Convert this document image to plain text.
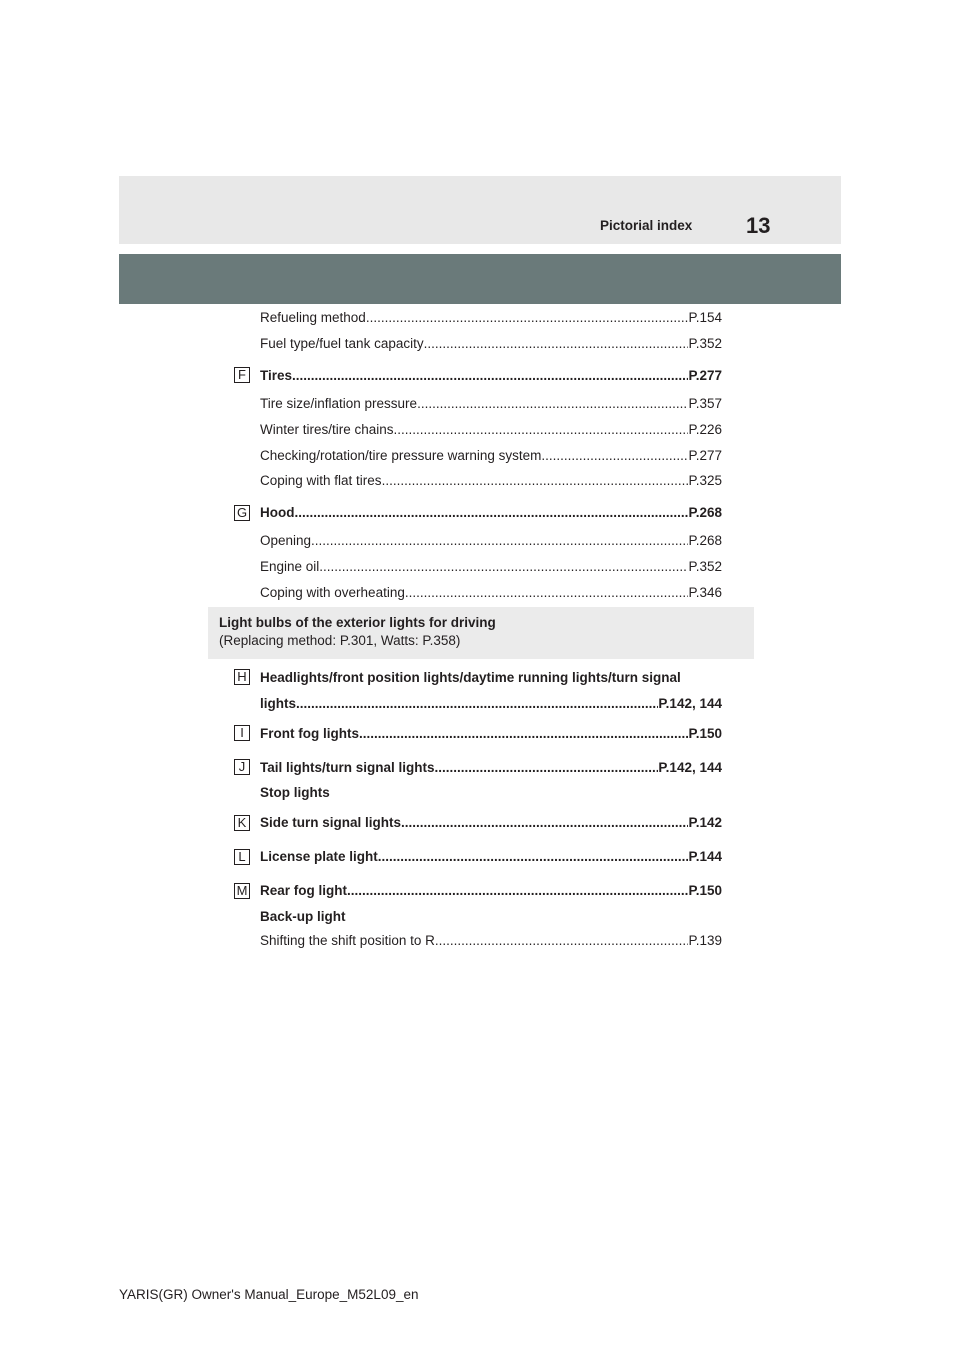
Pictorial index 13
Refueling method .....	P.154
Fuel type/fuel tank capacity .....	P.352
F Tires .....	P.277
Tire size/inflation pressure .....	P.357
Winter tires/tire chains .....	P.226
Checking/rotation/tire pressure warning system .....	P.277
Coping with flat tires .....	P.325
G Hood .....	P.268
Opening .....	P.268
Engine oil .....	P.352
Coping with overheating .....	P.346
Light bulbs of the exterior lights for driving
(Replacing method: P.301, Watts: P.358)
H Headlights/front position lights/daytime running lights/turn signal
lights .....	P.142, 144
I	Front fog lights .....	P.150
J	Tail lights/turn signal lights .....	P.142, 144
Stop lights
K Side turn signal lights .....	P.142
L	License plate light .....	P.144
M Rear fog light .....	P.150
Back-up light
Shifting the shift position to R .....	P.139
YARIS(GR) Owner's Manual_Europe_M52L09_en
